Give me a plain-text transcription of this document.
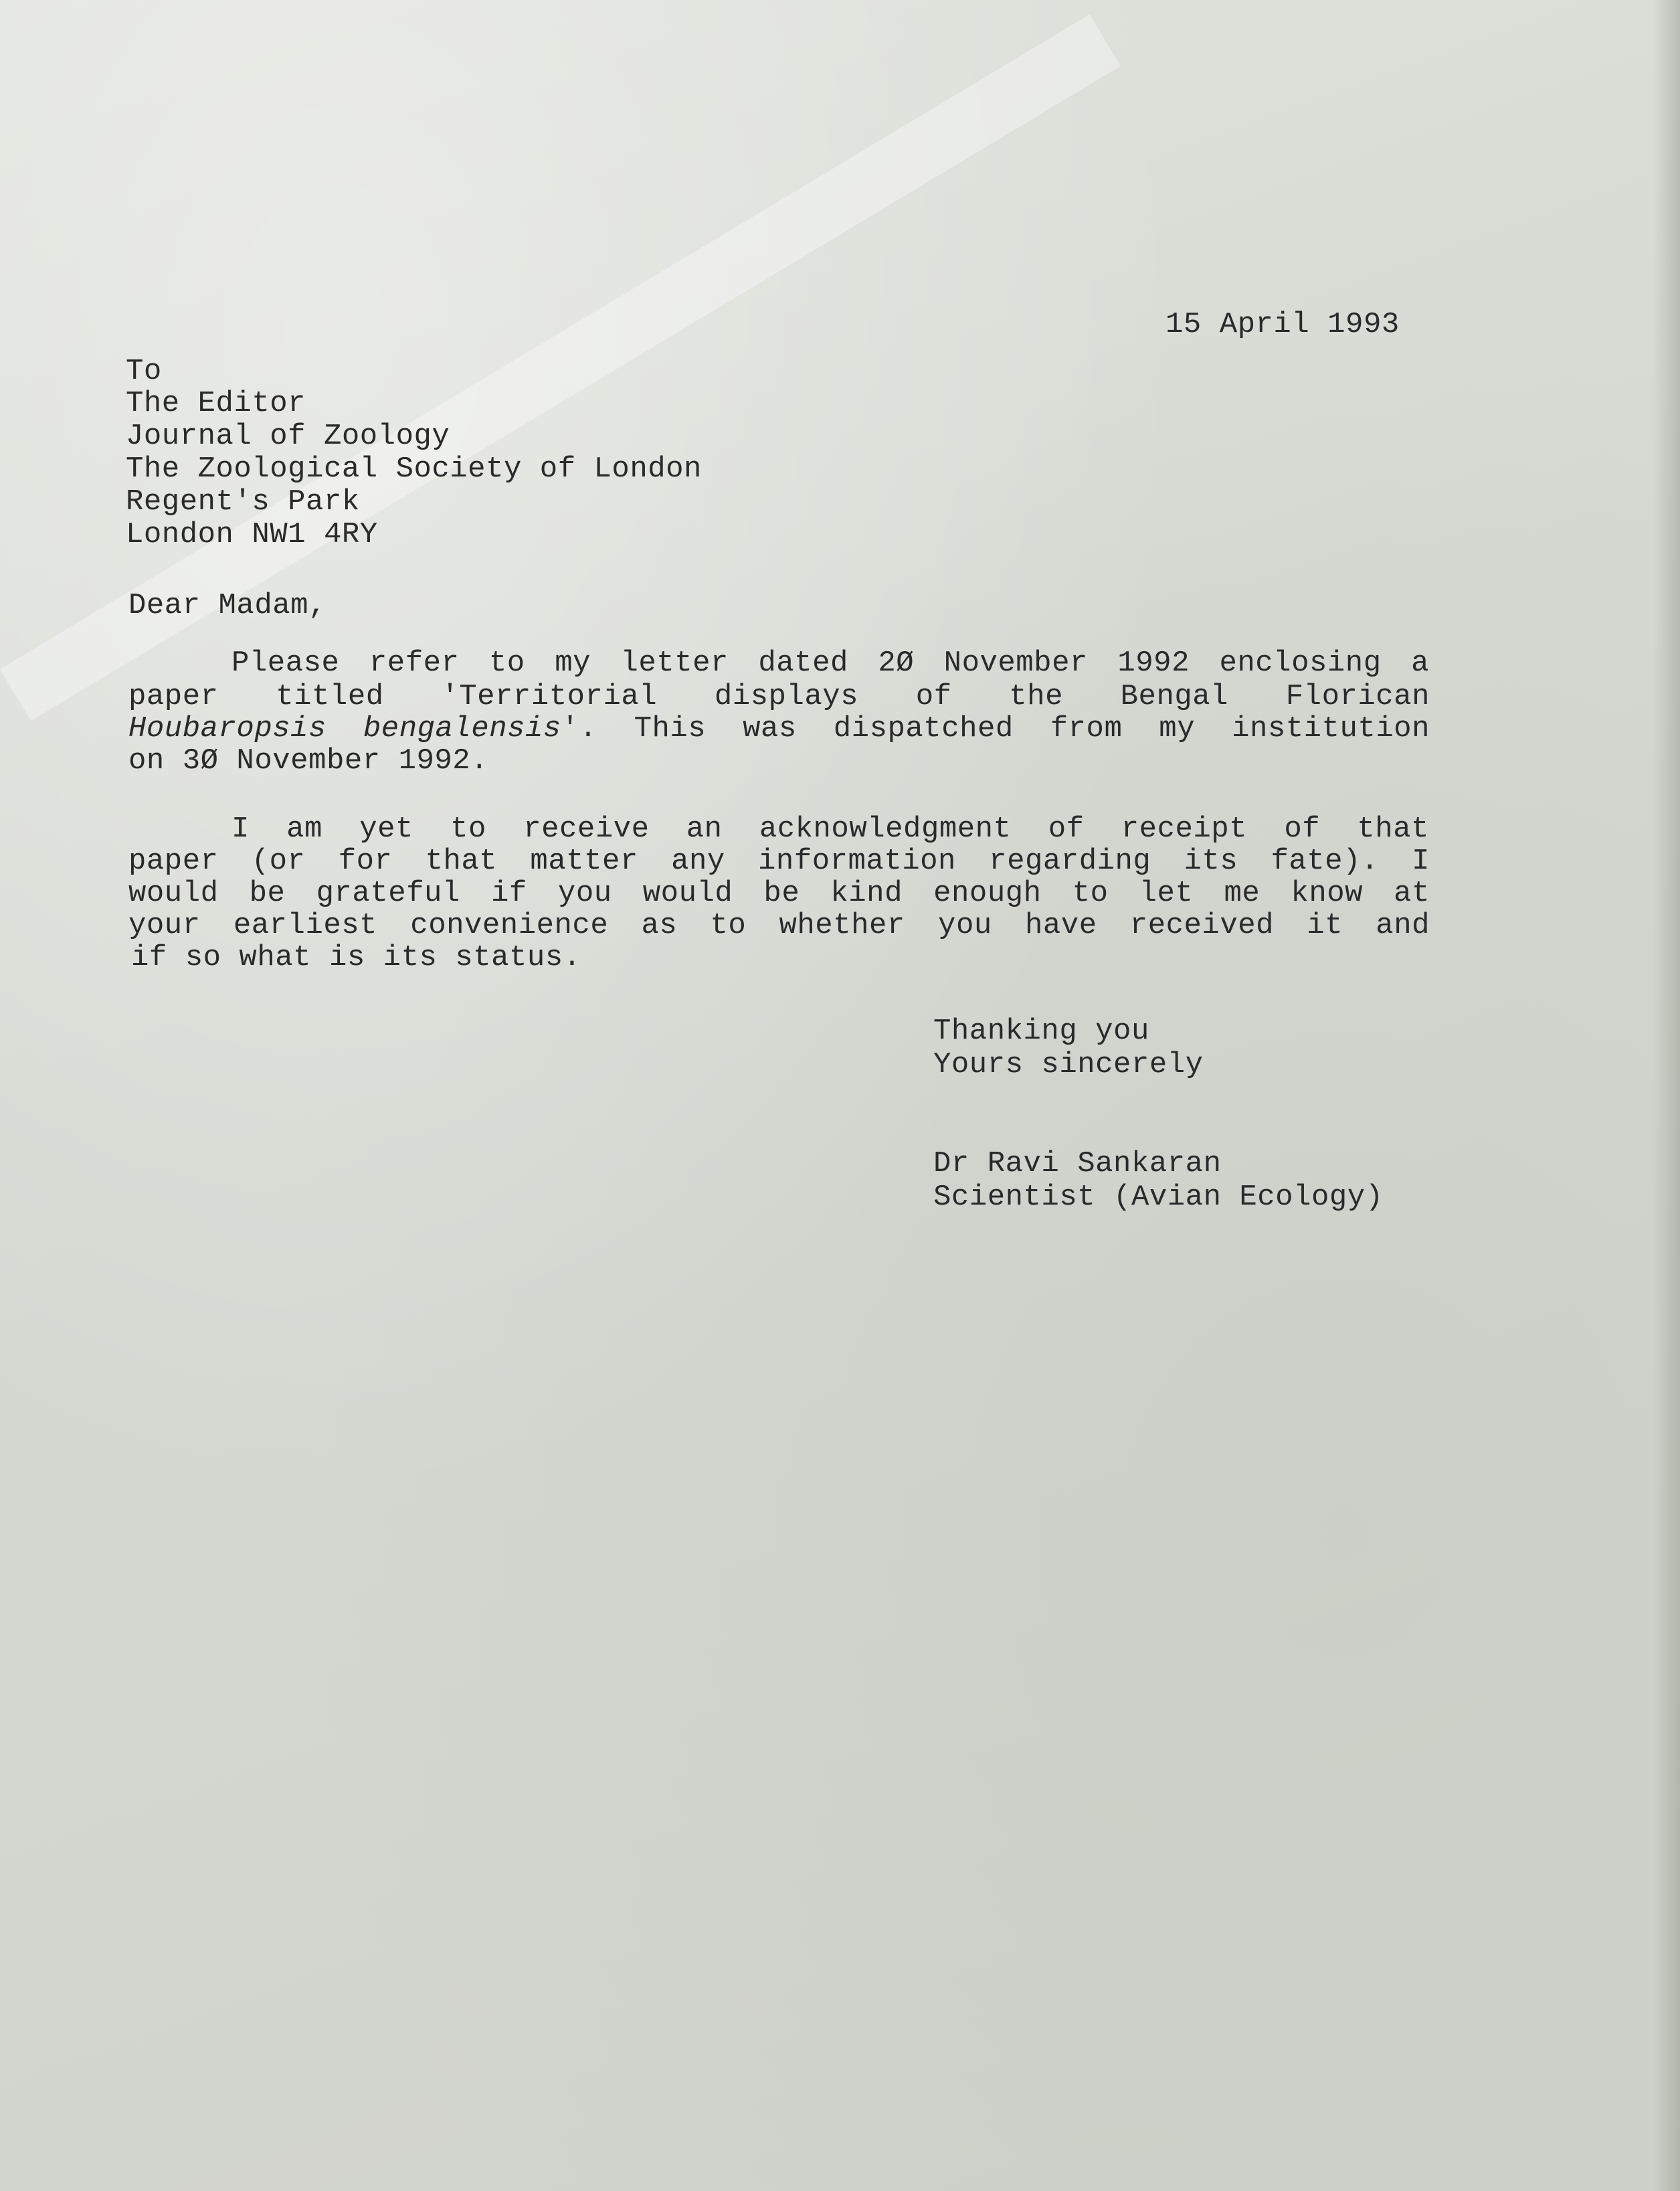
15 April 1993
To
The Editor
Journal of Zoology
The Zoological Society of London
Regent's Park
London NW1 4RY
Dear Madam,
Please refer to my letter dated 2Ø November 1992 enclosing a
paper titled 'Territorial displays of the Bengal Florican
Houbaropsis bengalensis'. This was dispatched from my institution
on 3Ø November 1992.
I am yet to receive an acknowledgment of receipt of that
paper (or for that matter any information regarding its fate). I
would be grateful if you would be kind enough to let me know at
your earliest convenience as to whether you have received it and
if so what is its status.
Thanking you
Yours sincerely
Dr Ravi Sankaran
Scientist (Avian Ecology)
